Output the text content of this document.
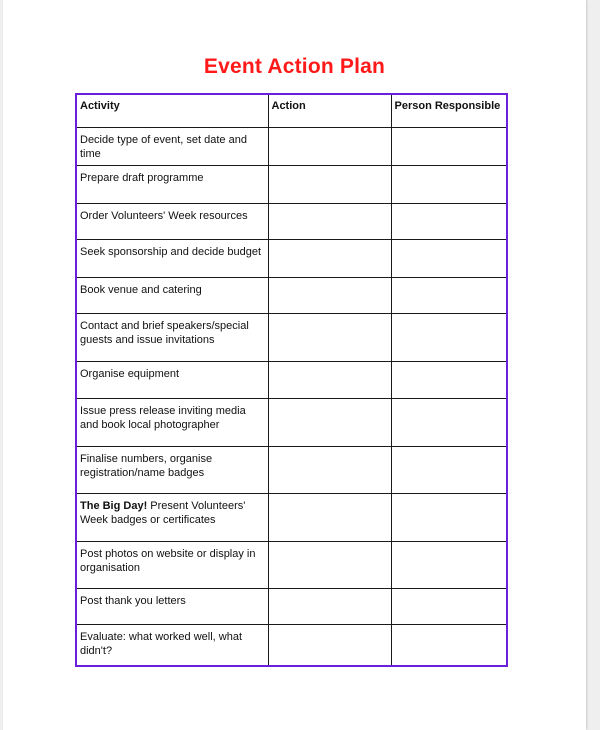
Event Action Plan
Activity	Action	Person Responsible
Decide type of event, set date and time		
Prepare draft programme		
Order Volunteers' Week resources		
Seek sponsorship and decide budget		
Book venue and catering		
Contact and brief speakers/special guests and issue invitations		
Organise equipment		
Issue press release inviting media and book local photographer		
Finalise numbers, organise registration/name badges		
The Big Day! Present Volunteers' Week badges or certificates		
Post photos on website or display in organisation		
Post thank you letters		
Evaluate: what worked well, what didn't?		
